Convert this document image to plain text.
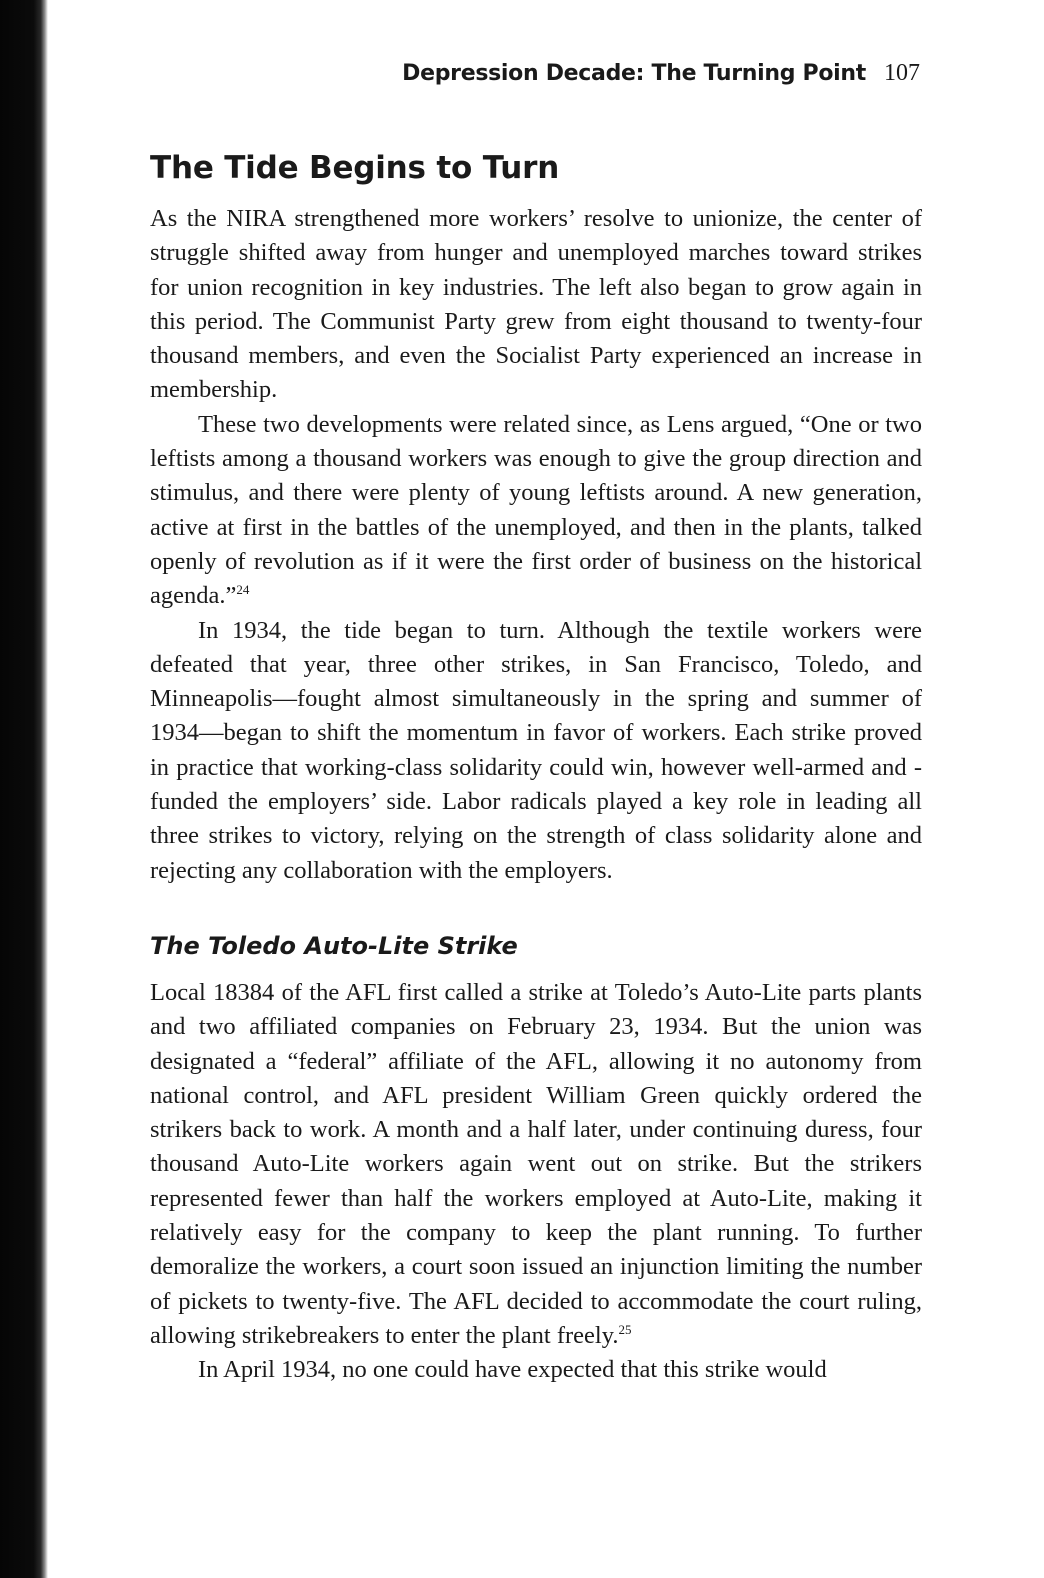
Depression Decade: The Turning Point 107
The Tide Begins to Turn

As the NIRA strengthened more workers’ resolve to unionize, the center of struggle shifted away from hunger and unemployed marches toward strikes for union recognition in key industries. The left also began to grow again in this period. The Communist Party grew from eight thousand to twenty-four thousand members, and even the Socialist Party experienced an increase in membership.

These two developments were related since, as Lens argued, “One or two leftists among a thousand workers was enough to give the group direction and stimulus, and there were plenty of young leftists around. A new generation, active at first in the battles of the unemployed, and then in the plants, talked openly of revolution as if it were the first order of business on the historical agenda.”$^{24}$

In 1934, the tide began to turn. Although the textile workers were defeated that year, three other strikes, in San Francisco, Toledo, and Minneapolis—fought almost simultaneously in the spring and summer of 1934—began to shift the momentum in favor of workers. Each strike proved in practice that working-class solidarity could win, however well-armed and -funded the employers’ side. Labor radicals played a key role in leading all three strikes to victory, relying on the strength of class solidarity alone and rejecting any collaboration with the employers.

The Toledo Auto-Lite Strike

Local 18384 of the AFL first called a strike at Toledo’s Auto-Lite parts plants and two affiliated companies on February 23, 1934. But the union was designated a “federal” affiliate of the AFL, allowing it no autonomy from national control, and AFL president William Green quickly ordered the strikers back to work. A month and a half later, under continuing duress, four thousand Auto-Lite workers again went out on strike. But the strikers represented fewer than half the workers employed at Auto-Lite, making it relatively easy for the company to keep the plant running. To further demoralize the workers, a court soon issued an injunction limiting the number of pickets to twenty-five. The AFL decided to accommodate the court ruling, allowing strikebreakers to enter the plant freely.$^{25}$

In April 1934, no one could have expected that this strike would
